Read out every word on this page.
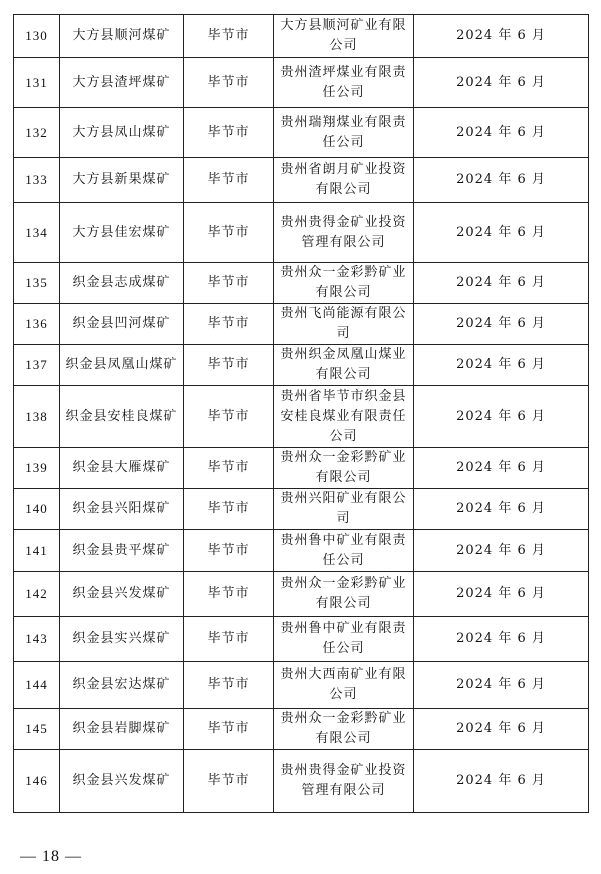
130	大方县顺河煤矿	毕节市	大方县顺河矿业有限公司	2024 年 6 月
131	大方县渣坪煤矿	毕节市	贵州渣坪煤业有限责任公司	2024 年 6 月
132	大方县凤山煤矿	毕节市	贵州瑞翔煤业有限责任公司	2024 年 6 月
133	大方县新果煤矿	毕节市	贵州省朗月矿业投资有限公司	2024 年 6 月
134	大方县佳宏煤矿	毕节市	贵州贵得金矿业投资管理有限公司	2024 年 6 月
135	织金县志成煤矿	毕节市	贵州众一金彩黔矿业有限公司	2024 年 6 月
136	织金县凹河煤矿	毕节市	贵州飞尚能源有限公司	2024 年 6 月
137	织金县凤凰山煤矿	毕节市	贵州织金凤凰山煤业有限公司	2024 年 6 月
138	织金县安桂良煤矿	毕节市	贵州省毕节市织金县安桂良煤业有限责任公司	2024 年 6 月
139	织金县大雁煤矿	毕节市	贵州众一金彩黔矿业有限公司	2024 年 6 月
140	织金县兴阳煤矿	毕节市	贵州兴阳矿业有限公司	2024 年 6 月
141	织金县贵平煤矿	毕节市	贵州鲁中矿业有限责任公司	2024 年 6 月
142	织金县兴发煤矿	毕节市	贵州众一金彩黔矿业有限公司	2024 年 6 月
143	织金县实兴煤矿	毕节市	贵州鲁中矿业有限责任公司	2024 年 6 月
144	织金县宏达煤矿	毕节市	贵州大西南矿业有限公司	2024 年 6 月
145	织金县岩脚煤矿	毕节市	贵州众一金彩黔矿业有限公司	2024 年 6 月
146	织金县兴发煤矿	毕节市	贵州贵得金矿业投资管理有限公司	2024 年 6 月
— 18 —
